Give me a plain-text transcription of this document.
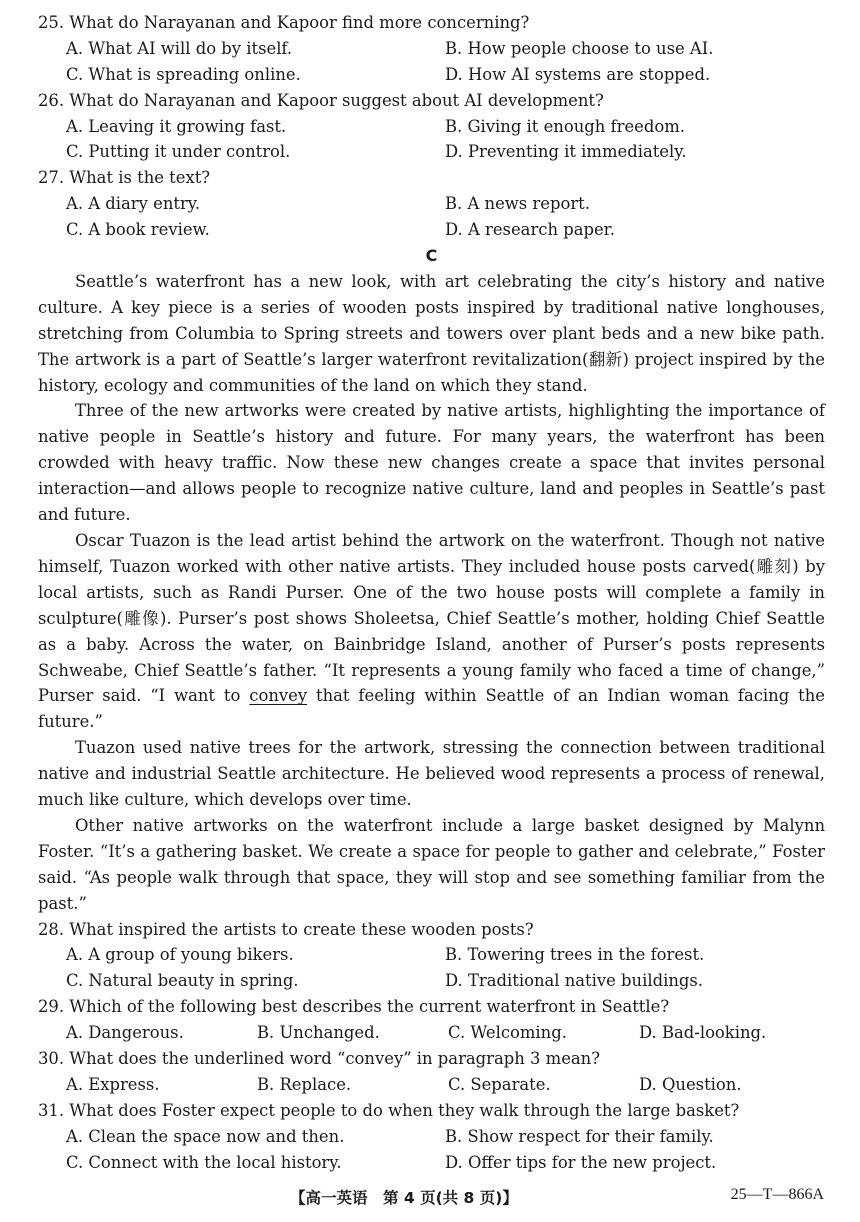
25. What do Narayanan and Kapoor find more concerning?
A. What AI will do by itself.	B. How people choose to use AI.
C. What is spreading online.	D. How AI systems are stopped.
26. What do Narayanan and Kapoor suggest about AI development?
A. Leaving it growing fast.	B. Giving it enough freedom.
C. Putting it under control.	D. Preventing it immediately.
27. What is the text?
A. A diary entry.	B. A news report.
C. A book review.	D. A research paper.
C

Seattle’s waterfront has a new look, with art celebrating the city’s history and native culture. A key piece is a series of wooden posts inspired by traditional native longhouses, stretching from Columbia to Spring streets and towers over plant beds and a new bike path. The artwork is a part of Seattle’s larger waterfront revitalization(翻新) project inspired by the history, ecology and communities of the land on which they stand.

Three of the new artworks were created by native artists, highlighting the importance of native people in Seattle’s history and future. For many years, the waterfront has been crowded with heavy traffic. Now these new changes create a space that invites personal interaction—and allows people to recognize native culture, land and peoples in Seattle’s past and future.

Oscar Tuazon is the lead artist behind the artwork on the waterfront. Though not native himself, Tuazon worked with other native artists. They included house posts carved(雕刻) by local artists, such as Randi Purser. One of the two house posts will complete a family in sculpture(雕像). Purser’s post shows Sholeetsa, Chief Seattle’s mother, holding Chief Seattle as a baby. Across the water, on Bainbridge Island, another of Purser’s posts represents Schweabe, Chief Seattle’s father. “It represents a young family who faced a time of change,” Purser said. “I want to convey that feeling within Seattle of an Indian woman facing the future.”

Tuazon used native trees for the artwork, stressing the connection between traditional native and industrial Seattle architecture. He believed wood represents a process of renewal, much like culture, which develops over time.

Other native artworks on the waterfront include a large basket designed by Malynn Foster. “It’s a gathering basket. We create a space for people to gather and celebrate,” Foster said. “As people walk through that space, they will stop and see something familiar from the past.”

28. What inspired the artists to create these wooden posts?
A. A group of young bikers.	B. Towering trees in the forest.
C. Natural beauty in spring.	D. Traditional native buildings.
29. Which of the following best describes the current waterfront in Seattle?
A. Dangerous.	B. Unchanged.	C. Welcoming.	D. Bad-looking.
30. What does the underlined word “convey” in paragraph 3 mean?
A. Express.	B. Replace.	C. Separate.	D. Question.
31. What does Foster expect people to do when they walk through the large basket?
A. Clean the space now and then.	B. Show respect for their family.
C. Connect with the local history.	D. Offer tips for the new project.
【高一英语　第 4 页(共 8 页)】	25—T—866A
